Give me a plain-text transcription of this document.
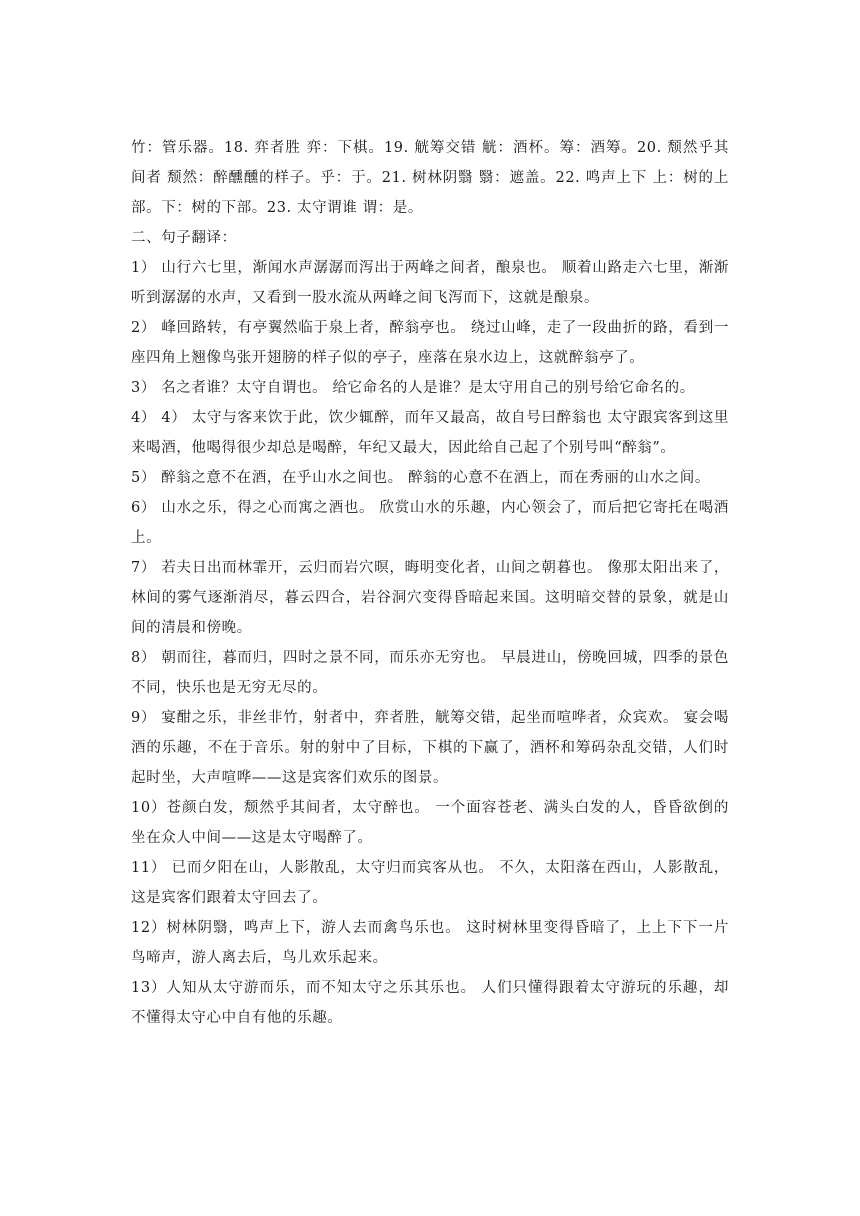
竹：管乐器。18. 弈者胜 弈：下棋。19. 觥筹交错 觥：酒杯。筹：酒筹。20. 颓然乎其间者 颓然：醉醺醺的样子。乎：于。21. 树林阴翳 翳：遮盖。22. 鸣声上下 上：树的上部。下：树的下部。23. 太守谓谁 谓：是。

二、句子翻译：

1） 山行六七里，渐闻水声潺潺而泻出于两峰之间者，酿泉也。 顺着山路走六七里，渐渐听到潺潺的水声，又看到一股水流从两峰之间飞泻而下，这就是酿泉。

2） 峰回路转，有亭翼然临于泉上者，醉翁亭也。 绕过山峰，走了一段曲折的路，看到一座四角上翘像鸟张开翅膀的样子似的亭子，座落在泉水边上，这就醉翁亭了。

3） 名之者谁？太守自谓也。 给它命名的人是谁？是太守用自己的别号给它命名的。

4） 4） 太守与客来饮于此，饮少辄醉，而年又最高，故自号曰醉翁也 太守跟宾客到这里来喝酒，他喝得很少却总是喝醉，年纪又最大，因此给自己起了个别号叫“醉翁”。

5） 醉翁之意不在酒，在乎山水之间也。 醉翁的心意不在酒上，而在秀丽的山水之间。

6） 山水之乐，得之心而寓之酒也。 欣赏山水的乐趣，内心领会了，而后把它寄托在喝酒上。

7） 若夫日出而林霏开，云归而岩穴暝，晦明变化者，山间之朝暮也。 像那太阳出来了，林间的雾气逐渐消尽，暮云四合，岩谷洞穴变得昏暗起来国。这明暗交替的景象，就是山间的清晨和傍晚。

8） 朝而往，暮而归，四时之景不同，而乐亦无穷也。 早晨进山，傍晚回城，四季的景色不同，快乐也是无穷无尽的。

9） 宴酣之乐，非丝非竹，射者中，弈者胜，觥筹交错，起坐而喧哗者，众宾欢。 宴会喝酒的乐趣，不在于音乐。射的射中了目标，下棋的下赢了，酒杯和筹码杂乱交错，人们时起时坐，大声喧哗——这是宾客们欢乐的图景。

10）苍颜白发，颓然乎其间者，太守醉也。 一个面容苍老、满头白发的人，昏昏欲倒的坐在众人中间——这是太守喝醉了。

11） 已而夕阳在山，人影散乱，太守归而宾客从也。 不久，太阳落在西山，人影散乱，这是宾客们跟着太守回去了。

12）树林阴翳，鸣声上下，游人去而禽鸟乐也。 这时树林里变得昏暗了，上上下下一片鸟啼声，游人离去后，鸟儿欢乐起来。

13）人知从太守游而乐，而不知太守之乐其乐也。 人们只懂得跟着太守游玩的乐趣，却不懂得太守心中自有他的乐趣。
